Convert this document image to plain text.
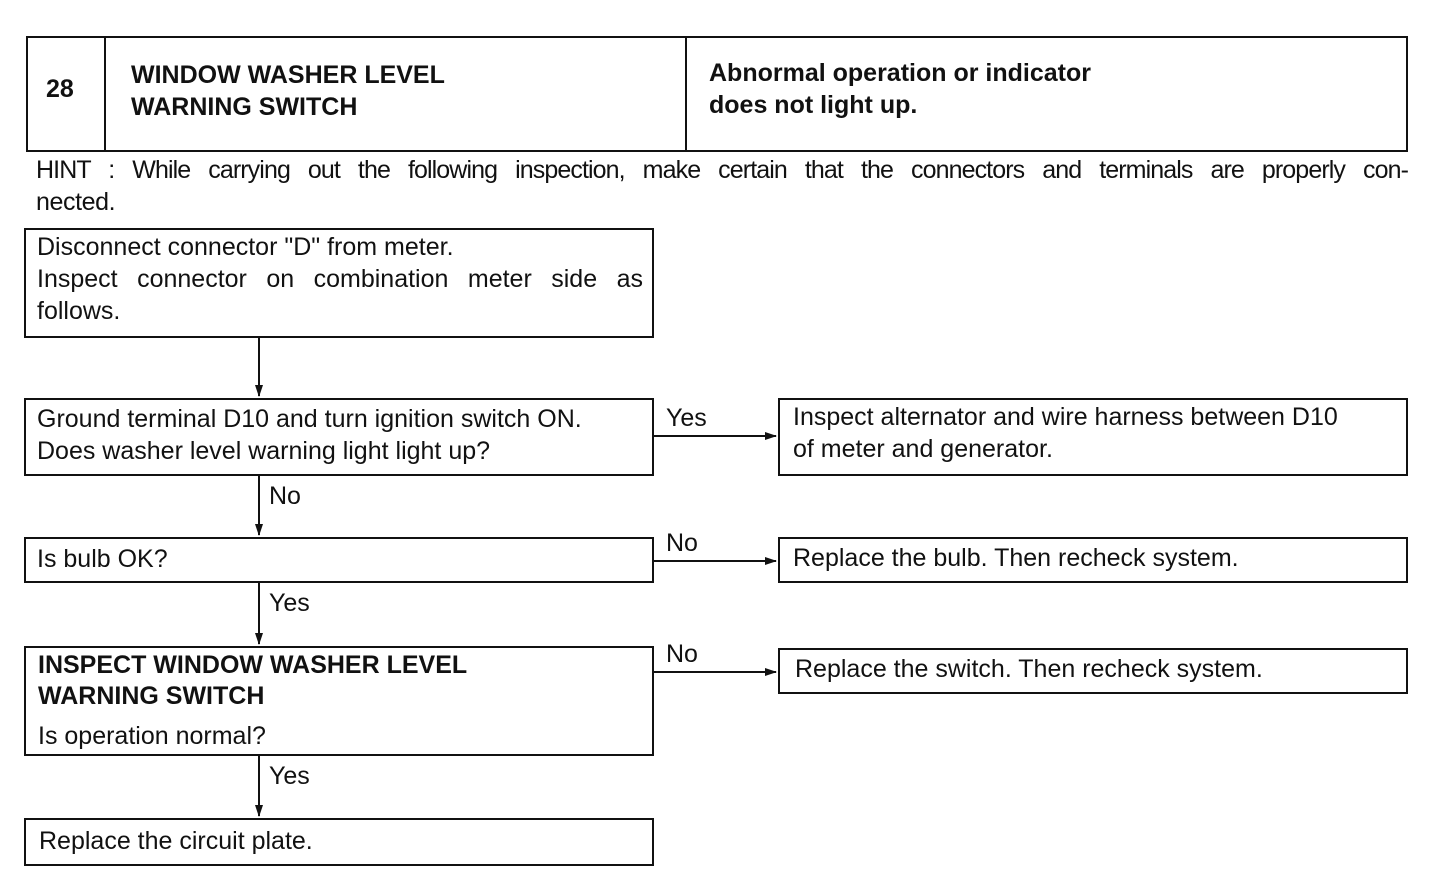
28 WINDOW WASHER LEVEL
WARNING SWITCH
Abnormal operation or indicator
does not light up.
HINT : While carrying out the following inspection, make certain that the connectors and terminals are properly con-
nected.
Disconnect connector "D" from meter.
Inspect connector on combination meter side as
follows.
Ground terminal D10 and turn ignition switch ON.
Does washer level warning light light up?
Is bulb OK?
INSPECT WINDOW WASHER LEVEL
WARNING SWITCH
Is operation normal?
Replace the circuit plate.
Inspect alternator and wire harness between D10
of meter and generator.
Replace the bulb. Then recheck system.
Replace the switch. Then recheck system.
Yes
No
No
Yes
No
Yes
